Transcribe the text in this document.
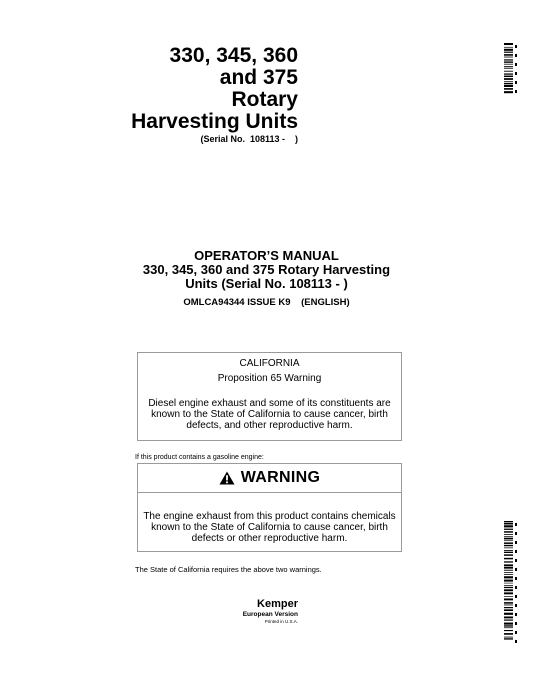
330, 345, 360
and 375
Rotary
Harvesting Units
(Serial No.  108113 -    )
OPERATOR’S MANUAL
330, 345, 360 and 375 Rotary Harvesting
Units (Serial No. 108113 - )
OMLCA94344 ISSUE K9    (ENGLISH)
CALIFORNIA
Proposition 65 Warning
Diesel engine exhaust and some of its constituents are known to the State of California to cause cancer, birth defects, and other reproductive harm.
If this product contains a gasoline engine:
WARNING
The engine exhaust from this product contains chemicals known to the State of California to cause cancer, birth defects or other reproductive harm.
The State of California requires the above two warnings.
Kemper
European Version
Printed in U.S.A.
